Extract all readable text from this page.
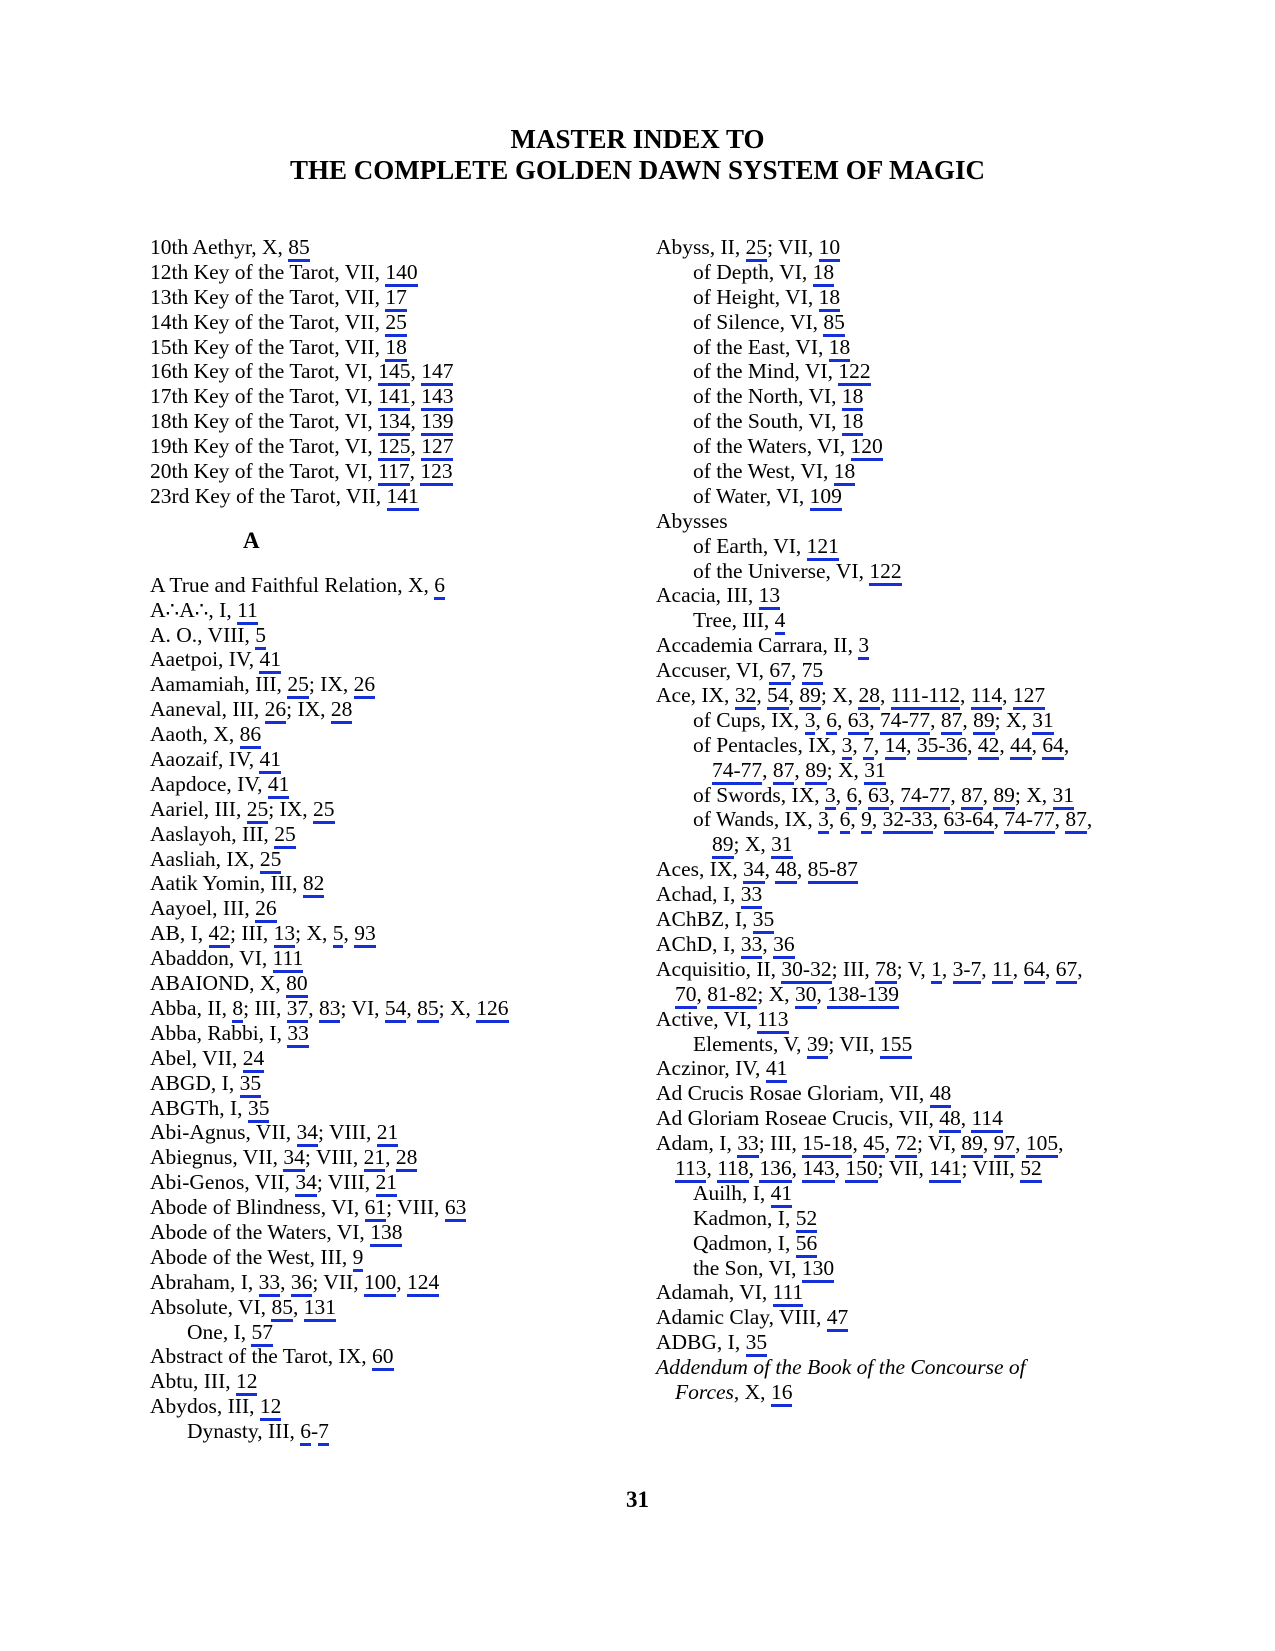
MASTER INDEX TO
THE COMPLETE GOLDEN DAWN SYSTEM OF MAGIC
10th Aethyr, X, 85
12th Key of the Tarot, VII, 140
13th Key of the Tarot, VII, 17
14th Key of the Tarot, VII, 25
15th Key of the Tarot, VII, 18
16th Key of the Tarot, VI, 145, 147
17th Key of the Tarot, VI, 141, 143
18th Key of the Tarot, VI, 134, 139
19th Key of the Tarot, VI, 125, 127
20th Key of the Tarot, VI, 117, 123
23rd Key of the Tarot, VII, 141
A
A True and Faithful Relation, X, 6
A∴A∴, I, 11
A. O., VIII, 5
Aaetpoi, IV, 41
Aamamiah, III, 25; IX, 26
Aaneval, III, 26; IX, 28
Aaoth, X, 86
Aaozaif, IV, 41
Aapdoce, IV, 41
Aariel, III, 25; IX, 25
Aaslayoh, III, 25
Aasliah, IX, 25
Aatik Yomin, III, 82
Aayoel, III, 26
AB, I, 42; III, 13; X, 5, 93
Abaddon, VI, 111
ABAIOND, X, 80
Abba, II, 8; III, 37, 83; VI, 54, 85; X, 126
Abba, Rabbi, I, 33
Abel, VII, 24
ABGD, I, 35
ABGTh, I, 35
Abi-Agnus, VII, 34; VIII, 21
Abiegnus, VII, 34; VIII, 21, 28
Abi-Genos, VII, 34; VIII, 21
Abode of Blindness, VI, 61; VIII, 63
Abode of the Waters, VI, 138
Abode of the West, III, 9
Abraham, I, 33, 36; VII, 100, 124
Absolute, VI, 85, 131
One, I, 57
Abstract of the Tarot, IX, 60
Abtu, III, 12
Abydos, III, 12
Dynasty, III, 6-7
Abyss, II, 25; VII, 10
of Depth, VI, 18
of Height, VI, 18
of Silence, VI, 85
of the East, VI, 18
of the Mind, VI, 122
of the North, VI, 18
of the South, VI, 18
of the Waters, VI, 120
of the West, VI, 18
of Water, VI, 109
Abysses
of Earth, VI, 121
of the Universe, VI, 122
Acacia, III, 13
Tree, III, 4
Accademia Carrara, II, 3
Accuser, VI, 67, 75
Ace, IX, 32, 54, 89; X, 28, 111-112, 114, 127
of Cups, IX, 3, 6, 63, 74-77, 87, 89; X, 31
of Pentacles, IX, 3, 7, 14, 35-36, 42, 44, 64,
74-77, 87, 89; X, 31
of Swords, IX, 3, 6, 63, 74-77, 87, 89; X, 31
of Wands, IX, 3, 6, 9, 32-33, 63-64, 74-77, 87,
89; X, 31
Aces, IX, 34, 48, 85-87
Achad, I, 33
AChBZ, I, 35
AChD, I, 33, 36
Acquisitio, II, 30-32; III, 78; V, 1, 3-7, 11, 64, 67,
70, 81-82; X, 30, 138-139
Active, VI, 113
Elements, V, 39; VII, 155
Aczinor, IV, 41
Ad Crucis Rosae Gloriam, VII, 48
Ad Gloriam Roseae Crucis, VII, 48, 114
Adam, I, 33; III, 15-18, 45, 72; VI, 89, 97, 105,
113, 118, 136, 143, 150; VII, 141; VIII, 52
Auilh, I, 41
Kadmon, I, 52
Qadmon, I, 56
the Son, VI, 130
Adamah, VI, 111
Adamic Clay, VIII, 47
ADBG, I, 35
Addendum of the Book of the Concourse of
Forces, X, 16
31
